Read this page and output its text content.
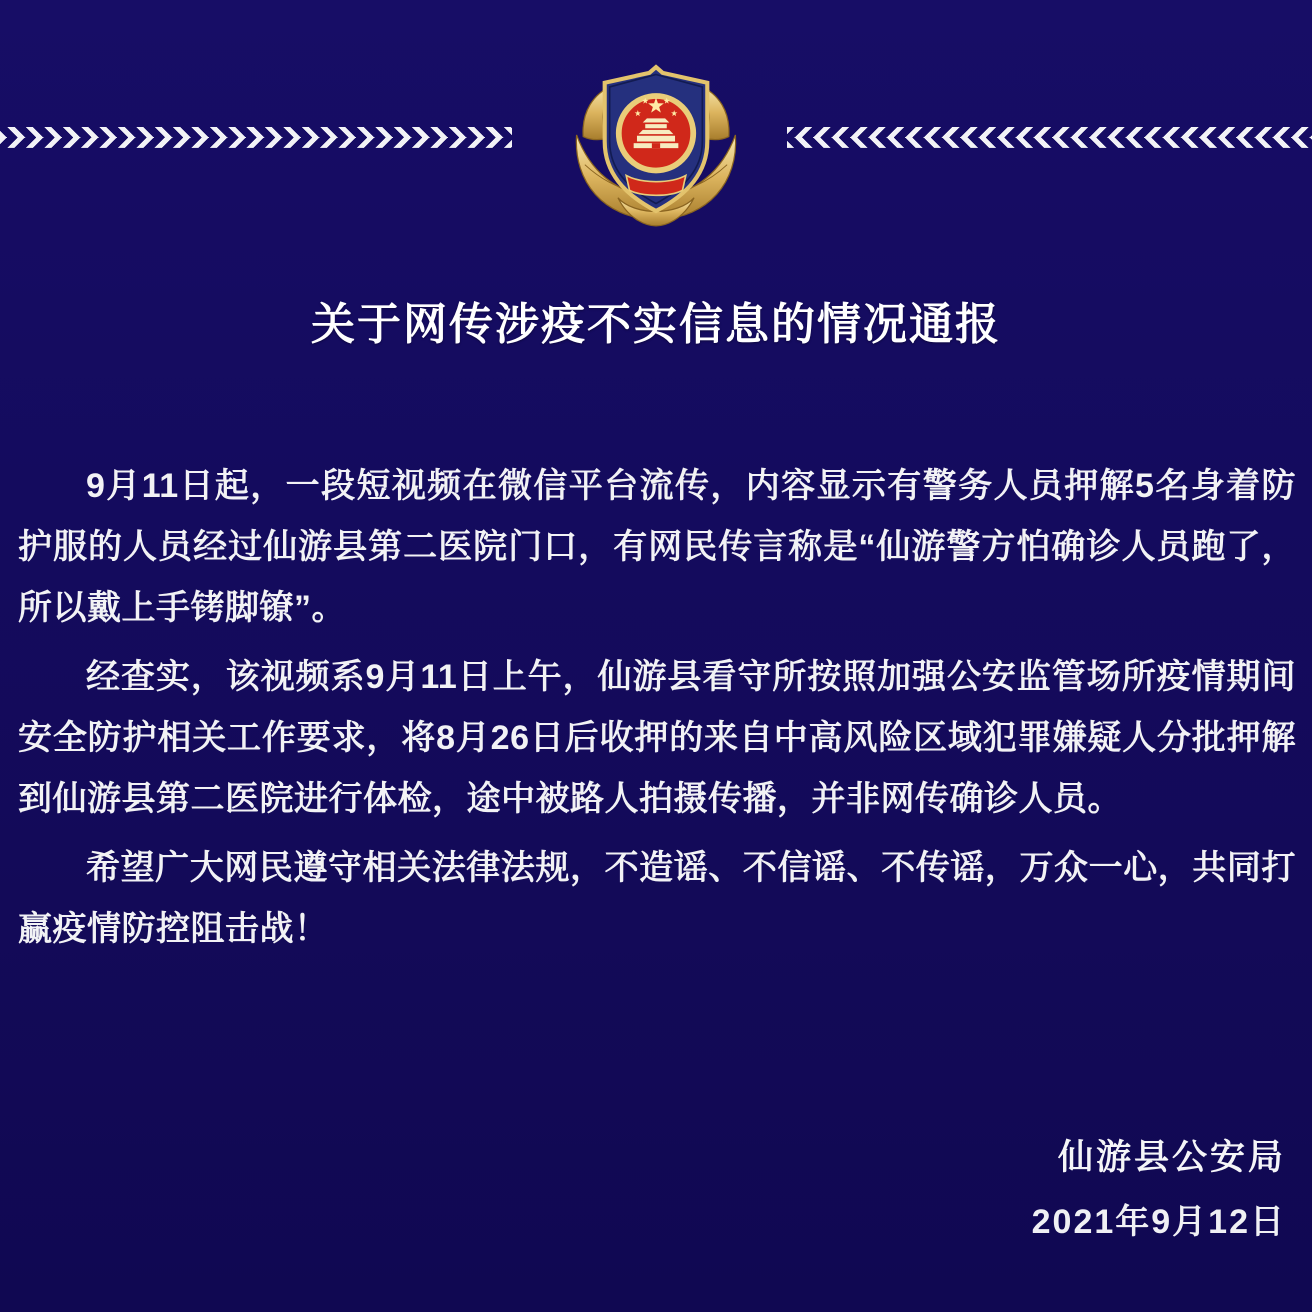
关于网传涉疫不实信息的情况通报

9月11日起，一段短视频在微信平台流传，内容显示有警务人员押解5名身着防护服的人员经过仙游县第二医院门口，有网民传言称是“仙游警方怕确诊人员跑了，所以戴上手铐脚镣”。

经查实，该视频系9月11日上午，仙游县看守所按照加强公安监管场所疫情期间安全防护相关工作要求，将8月26日后收押的来自中高风险区域犯罪嫌疑人分批押解到仙游县第二医院进行体检，途中被路人拍摄传播，并非网传确诊人员。

希望广大网民遵守相关法律法规，不造谣、不信谣、不传谣，万众一心，共同打赢疫情防控阻击战！

仙游县公安局
2021年9月12日
